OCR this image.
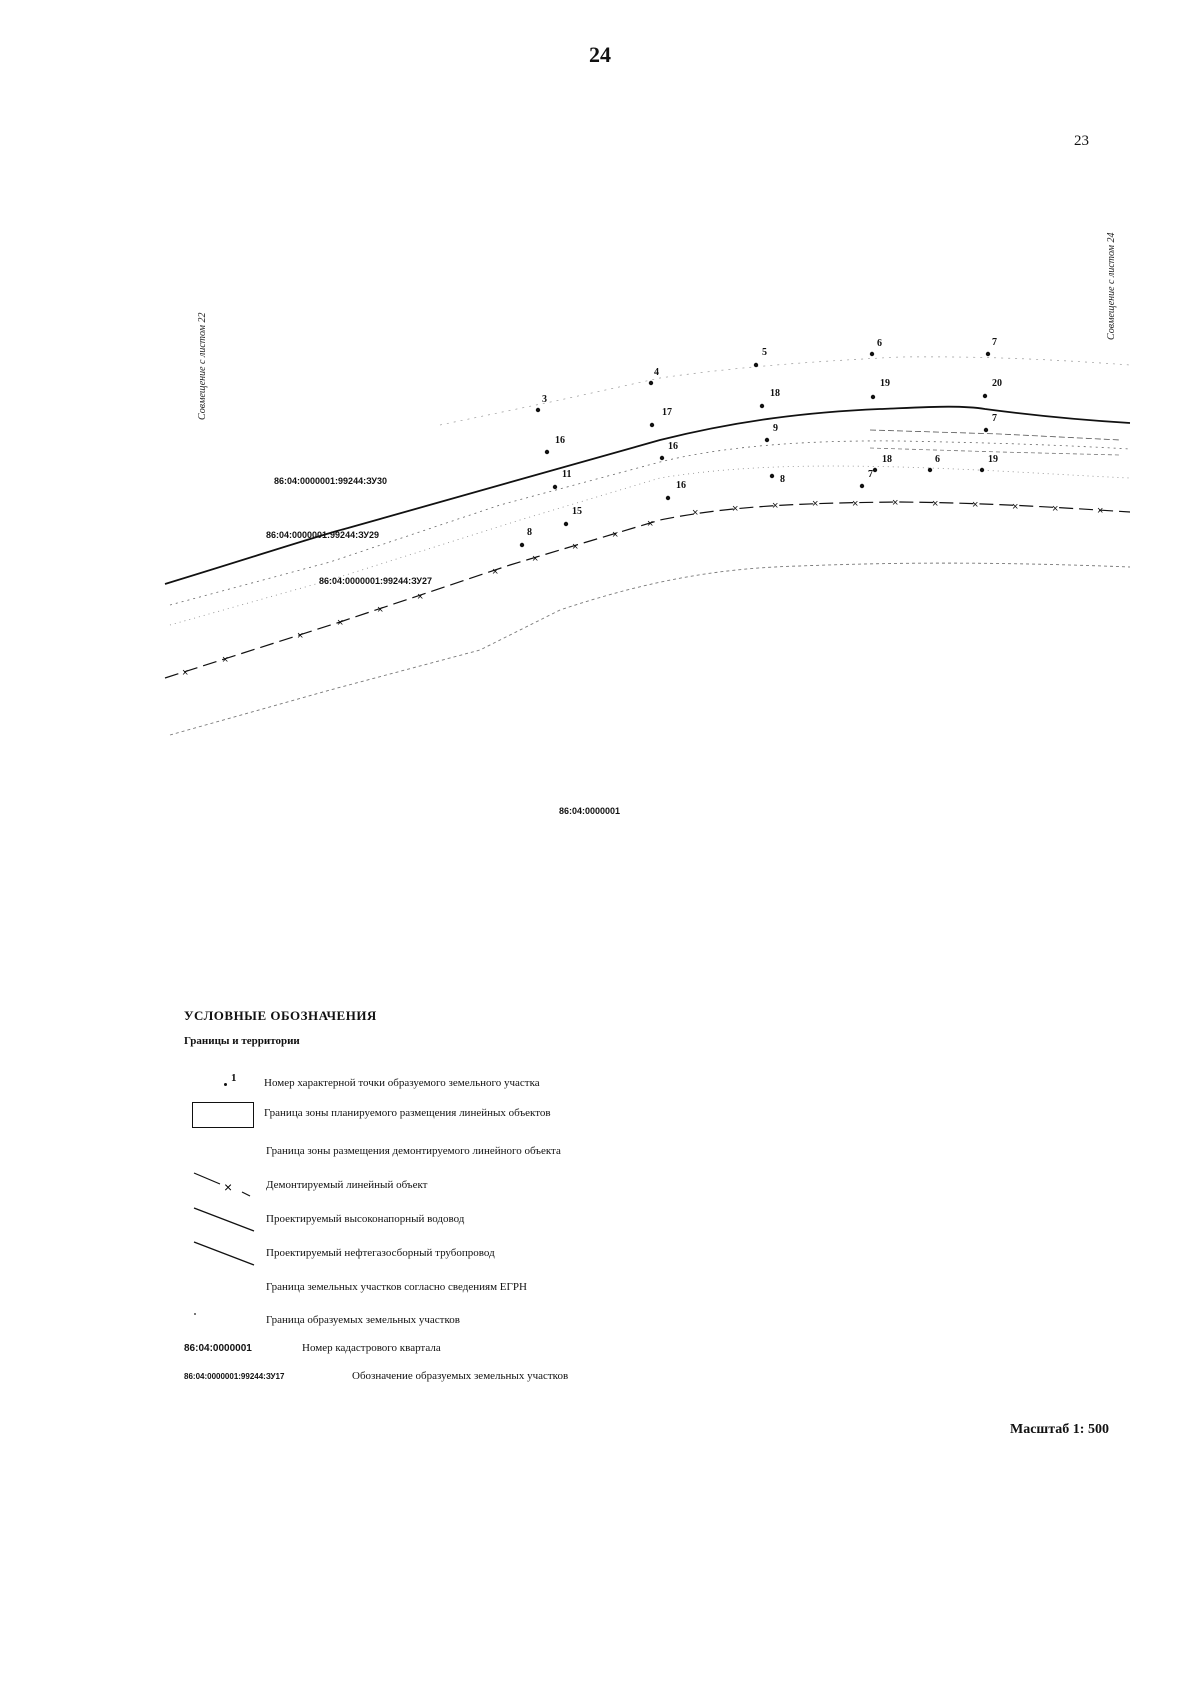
24
23
Совмещение с листом 22
Совмещение с листом 24
×
×
×
×
×
×
×
×
×
×
×
×	×	×	×	×	×	×	×	×	×	×
3
4
5
6	7
16
17
18
19	20
16
9
7
11
16
8
18	6	19
15
8
7
86:04:0000001:99244:ЗУ30
86:04:0000001:99244:ЗУ29
86:04:0000001:99244:ЗУ27
86:04:0000001
УСЛОВНЫЕ ОБОЗНАЧЕНИЯ
Границы и территории
1	Номер характерной точки образуемого земельного участка
Граница зоны планируемого размещения линейных объектов
Граница зоны размещения демонтируемого линейного объекта
×	Демонтируемый линейный объект
Проектируемый высоконапорный водовод
Проектируемый нефтегазосборный трубопровод
Граница земельных участков согласно сведениям ЕГРН
Граница образуемых земельных участков
86:04:0000001	Номер кадастрового квартала
86:04:0000001:99244:ЗУ17	Обозначение образуемых земельных участков
Масштаб 1: 500
